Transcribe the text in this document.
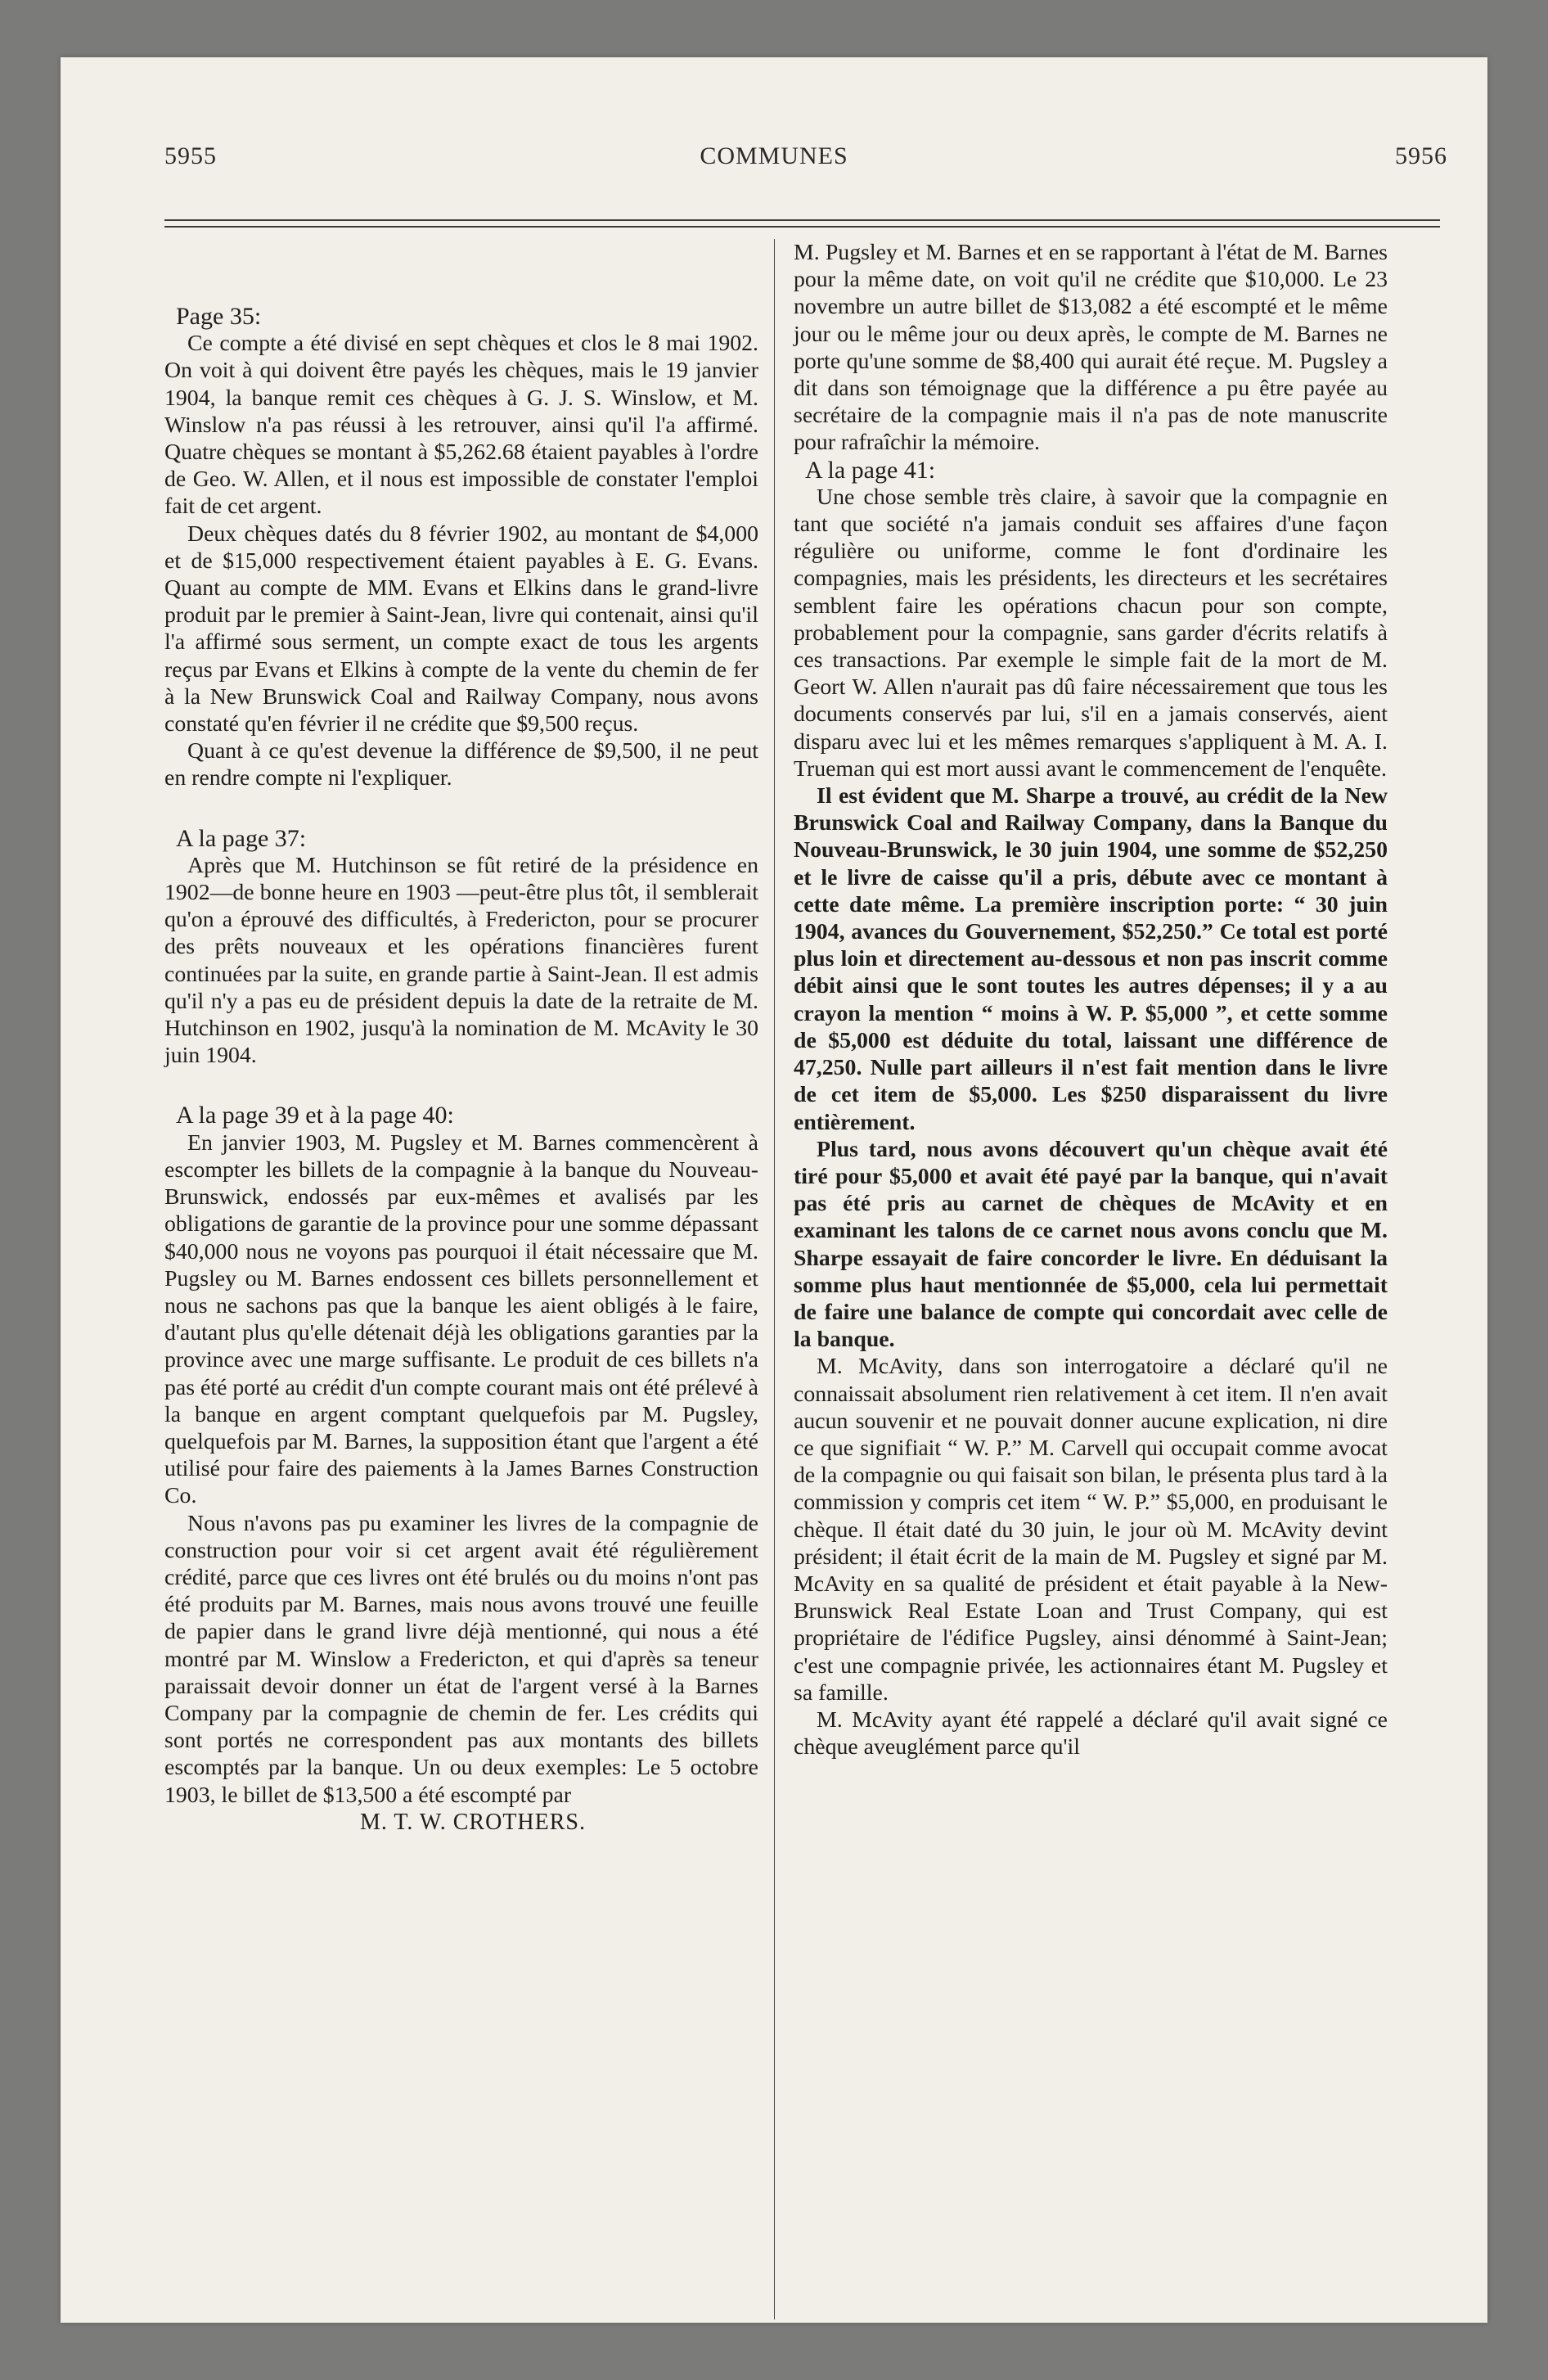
5955	COMMUNES	5956
Page 35:

Ce compte a été divisé en sept chèques et clos le 8 mai 1902. On voit à qui doivent être payés les chèques, mais le 19 janvier 1904, la banque remit ces chèques à G. J. S. Winslow, et M. Winslow n'a pas réussi à les retrouver, ainsi qu'il l'a affirmé. Quatre chèques se montant à $5,262.68 étaient payables à l'ordre de Geo. W. Allen, et il nous est impossible de constater l'emploi fait de cet argent.

Deux chèques datés du 8 février 1902, au montant de $4,000 et de $15,000 respectivement étaient payables à E. G. Evans. Quant au compte de MM. Evans et Elkins dans le grand-livre produit par le premier à Saint-Jean, livre qui contenait, ainsi qu'il l'a affirmé sous serment, un compte exact de tous les argents reçus par Evans et Elkins à compte de la vente du chemin de fer à la New Brunswick Coal and Railway Company, nous avons constaté qu'en février il ne crédite que $9,500 reçus.

Quant à ce qu'est devenue la différence de $9,500, il ne peut en rendre compte ni l'expliquer.

A la page 37:

Après que M. Hutchinson se fût retiré de la présidence en 1902—de bonne heure en 1903 —peut-être plus tôt, il semblerait qu'on a éprouvé des difficultés, à Fredericton, pour se procurer des prêts nouveaux et les opérations financières furent continuées par la suite, en grande partie à Saint-Jean. Il est admis qu'il n'y a pas eu de président depuis la date de la retraite de M. Hutchinson en 1902, jusqu'à la nomination de M. McAvity le 30 juin 1904.

A la page 39 et à la page 40:

En janvier 1903, M. Pugsley et M. Barnes commencèrent à escompter les billets de la compagnie à la banque du Nouveau-Brunswick, endossés par eux-mêmes et avalisés par les obligations de garantie de la province pour une somme dépassant $40,000 nous ne voyons pas pourquoi il était nécessaire que M. Pugsley ou M. Barnes endossent ces billets personnellement et nous ne sachons pas que la banque les aient obligés à le faire, d'autant plus qu'elle détenait déjà les obligations garanties par la province avec une marge suffisante. Le produit de ces billets n'a pas été porté au crédit d'un compte courant mais ont été prélevé à la banque en argent comptant quelquefois par M. Pugsley, quelquefois par M. Barnes, la supposition étant que l'argent a été utilisé pour faire des paiements à la James Barnes Construction Co.

Nous n'avons pas pu examiner les livres de la compagnie de construction pour voir si cet argent avait été régulièrement crédité, parce que ces livres ont été brulés ou du moins n'ont pas été produits par M. Barnes, mais nous avons trouvé une feuille de papier dans le grand livre déjà mentionné, qui nous a été montré par M. Winslow a Fredericton, et qui d'après sa teneur paraissait devoir donner un état de l'argent versé à la Barnes Company par la compagnie de chemin de fer. Les crédits qui sont portés ne correspondent pas aux montants des billets escomptés par la banque. Un ou deux exemples: Le 5 octobre 1903, le billet de $13,500 a été escompté par

M. T. W. CROTHERS.

M. Pugsley et M. Barnes et en se rapportant à l'état de M. Barnes pour la même date, on voit qu'il ne crédite que $10,000. Le 23 novembre un autre billet de $13,082 a été escompté et le même jour ou le même jour ou deux après, le compte de M. Barnes ne porte qu'une somme de $8,400 qui aurait été reçue. M. Pugsley a dit dans son témoignage que la différence a pu être payée au secrétaire de la compagnie mais il n'a pas de note manuscrite pour rafraîchir la mémoire.

A la page 41:

Une chose semble très claire, à savoir que la compagnie en tant que société n'a jamais conduit ses affaires d'une façon régulière ou uniforme, comme le font d'ordinaire les compagnies, mais les présidents, les directeurs et les secrétaires semblent faire les opérations chacun pour son compte, probablement pour la compagnie, sans garder d'écrits relatifs à ces transactions. Par exemple le simple fait de la mort de M. Geort W. Allen n'aurait pas dû faire nécessairement que tous les documents conservés par lui, s'il en a jamais conservés, aient disparu avec lui et les mêmes remarques s'appliquent à M. A. I. Trueman qui est mort aussi avant le commencement de l'enquête.

Il est évident que M. Sharpe a trouvé, au crédit de la New Brunswick Coal and Railway Company, dans la Banque du Nouveau-Brunswick, le 30 juin 1904, une somme de $52,250 et le livre de caisse qu'il a pris, débute avec ce montant à cette date même. La première inscription porte: “ 30 juin 1904, avances du Gouvernement, $52,250.” Ce total est porté plus loin et directement au-dessous et non pas inscrit comme débit ainsi que le sont toutes les autres dépenses; il y a au crayon la mention “ moins à W. P. $5,000 ”, et cette somme de $5,000 est déduite du total, laissant une différence de 47,250. Nulle part ailleurs il n'est fait mention dans le livre de cet item de $5,000. Les $250 disparaissent du livre entièrement.

Plus tard, nous avons découvert qu'un chèque avait été tiré pour $5,000 et avait été payé par la banque, qui n'avait pas été pris au carnet de chèques de McAvity et en examinant les talons de ce carnet nous avons conclu que M. Sharpe essayait de faire concorder le livre. En déduisant la somme plus haut mentionnée de $5,000, cela lui permettait de faire une balance de compte qui concordait avec celle de la banque.

M. McAvity, dans son interrogatoire a déclaré qu'il ne connaissait absolument rien relativement à cet item. Il n'en avait aucun souvenir et ne pouvait donner aucune explication, ni dire ce que signifiait “ W. P.” M. Carvell qui occupait comme avocat de la compagnie ou qui faisait son bilan, le présenta plus tard à la commission y compris cet item “ W. P.” $5,000, en produisant le chèque. Il était daté du 30 juin, le jour où M. McAvity devint président; il était écrit de la main de M. Pugsley et signé par M. McAvity en sa qualité de président et était payable à la New-Brunswick Real Estate Loan and Trust Company, qui est propriétaire de l'édifice Pugsley, ainsi dénommé à Saint-Jean; c'est une compagnie privée, les actionnaires étant M. Pugsley et sa famille.

M. McAvity ayant été rappelé a déclaré qu'il avait signé ce chèque aveuglément parce qu'il
